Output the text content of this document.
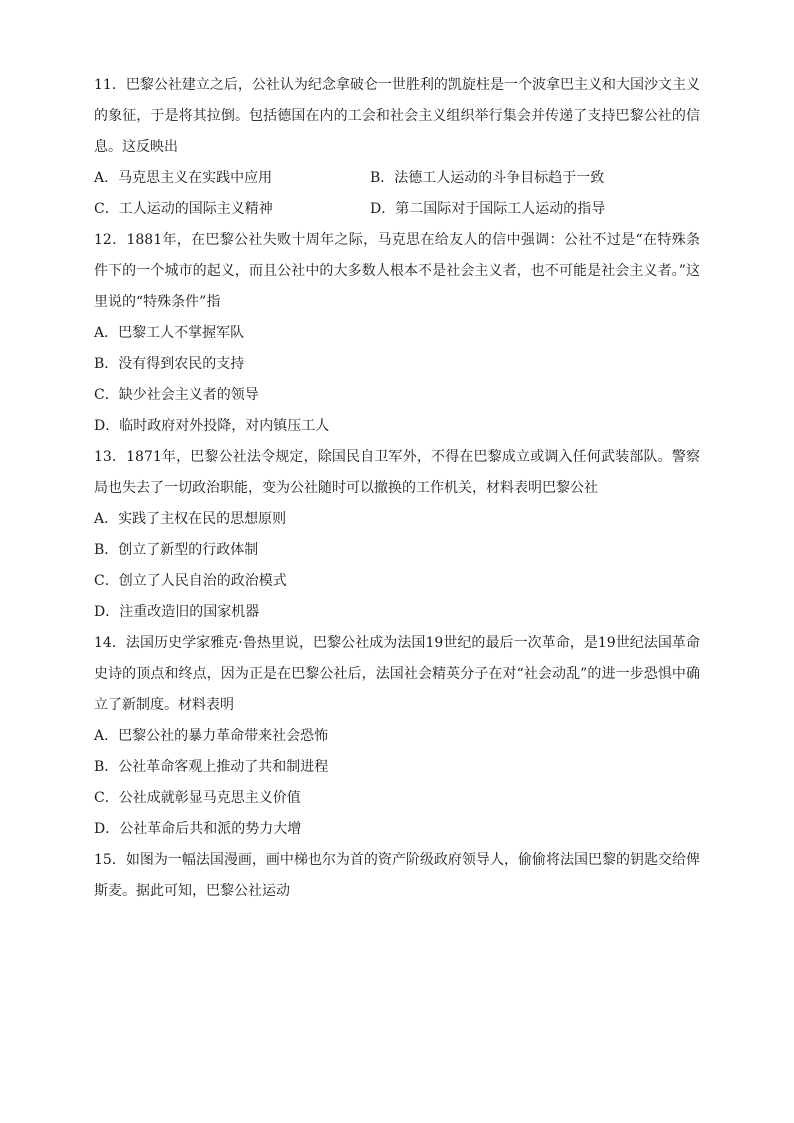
11．巴黎公社建立之后，公社认为纪念拿破仑一世胜利的凯旋柱是一个波拿巴主义和大国沙文主义的象征，于是将其拉倒。包括德国在内的工会和社会主义组织举行集会并传递了支持巴黎公社的信息。这反映出

A．马克思主义在实践中应用	B．法德工人运动的斗争目标趋于一致

C．工人运动的国际主义精神	D．第二国际对于国际工人运动的指导

12．1881年，在巴黎公社失败十周年之际，马克思在给友人的信中强调：公社不过是“在特殊条件下的一个城市的起义，而且公社中的大多数人根本不是社会主义者，也不可能是社会主义者。”这里说的“特殊条件”指

A．巴黎工人不掌握军队

B．没有得到农民的支持

C．缺少社会主义者的领导

D．临时政府对外投降，对内镇压工人

13．1871年，巴黎公社法令规定，除国民自卫军外，不得在巴黎成立或调入任何武装部队。警察局也失去了一切政治职能，变为公社随时可以撤换的工作机关，材料表明巴黎公社

A．实践了主权在民的思想原则

B．创立了新型的行政体制

C．创立了人民自治的政治模式

D．注重改造旧的国家机器

14．法国历史学家雅克·鲁热里说，巴黎公社成为法国19世纪的最后一次革命，是19世纪法国革命史诗的顶点和终点，因为正是在巴黎公社后，法国社会精英分子在对“社会动乱”的进一步恐惧中确立了新制度。材料表明

A．巴黎公社的暴力革命带来社会恐怖

B．公社革命客观上推动了共和制进程

C．公社成就彰显马克思主义价值

D．公社革命后共和派的势力大增

15．如图为一幅法国漫画，画中梯也尔为首的资产阶级政府领导人，偷偷将法国巴黎的钥匙交给俾斯麦。据此可知，巴黎公社运动
